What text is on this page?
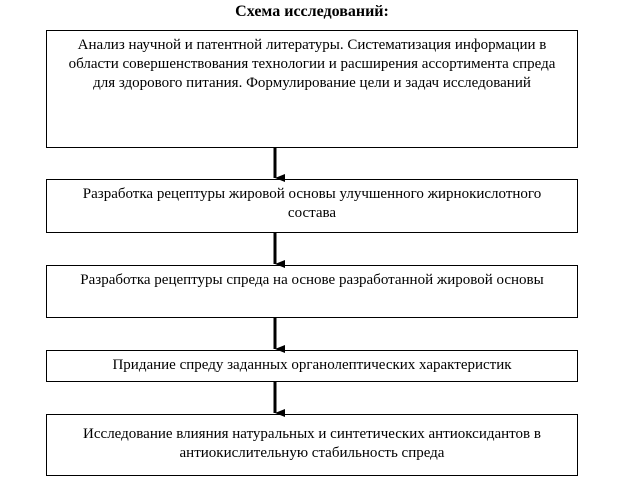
Схема исследований:
Анализ научной и патентной литературы. Систематизация информации в области совершенствования технологии и расширения ассортимента спреда для здорового питания. Формулирование цели и задач исследований
Разработка рецептуры жировой основы улучшенного жирнокислотного состава
Разработка рецептуры спреда на основе разработанной жировой основы
Придание спреду заданных органолептических характеристик
Исследование влияния натуральных и синтетических антиоксидантов в антиокислительную стабильность спреда
